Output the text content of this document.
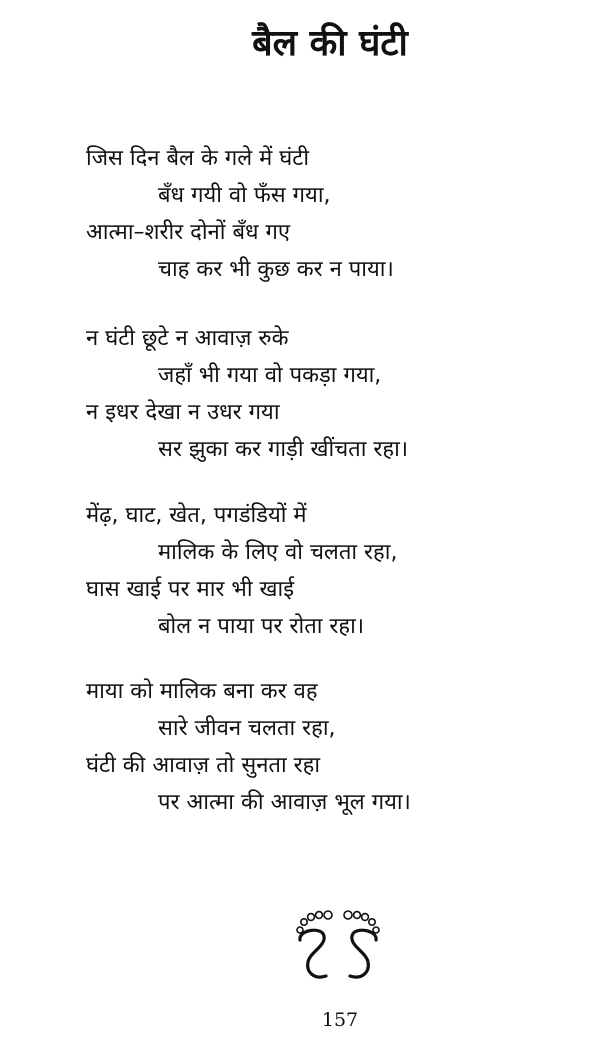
बैल की घंटी
जिस दिन बैल के गले में घंटी
बँध गयी वो फँस गया,
आत्मा–शरीर दोनों बँध गए
चाह कर भी कुछ कर न पाया।
न घंटी छूटे न आवाज़ रुके
जहाँ भी गया वो पकड़ा गया,
न इधर देखा न उधर गया
सर झुका कर गाड़ी खींचता रहा।
मेंढ़, घाट, खेत, पगडंडियों में
मालिक के लिए वो चलता रहा,
घास खाई पर मार भी खाई
बोल न पाया पर रोता रहा।
माया को मालिक बना कर वह
सारे जीवन चलता रहा,
घंटी की आवाज़ तो सुनता रहा
पर आत्मा की आवाज़ भूल गया।
157
